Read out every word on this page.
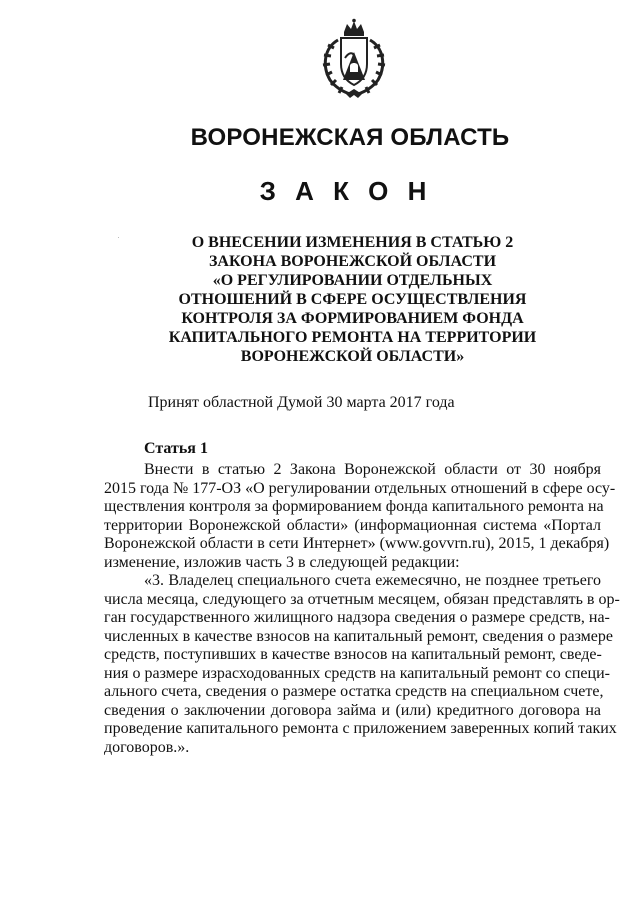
ВОРОНЕЖСКАЯ ОБЛАСТЬ
З А К О Н
О ВНЕСЕНИИ ИЗМЕНЕНИЯ В СТАТЬЮ 2
ЗАКОНА ВОРОНЕЖСКОЙ ОБЛАСТИ
«О РЕГУЛИРОВАНИИ ОТДЕЛЬНЫХ
ОТНОШЕНИЙ В СФЕРЕ ОСУЩЕСТВЛЕНИЯ
КОНТРОЛЯ ЗА ФОРМИРОВАНИЕМ ФОНДА
КАПИТАЛЬНОГО РЕМОНТА НА ТЕРРИТОРИИ
ВОРОНЕЖСКОЙ ОБЛАСТИ»
Принят областной Думой 30 марта 2017 года
Статья 1
Внести в статью 2 Закона Воронежской области от 30 ноября
2015 года № 177-ОЗ «О регулировании отдельных отношений в сфере осу-
ществления контроля за формированием фонда капитального ремонта на
территории Воронежской области» (информационная система «Портал
Воронежской области в сети Интернет» (www.govvrn.ru), 2015, 1 декабря)
изменение, изложив часть 3 в следующей редакции:
«3. Владелец специального счета ежемесячно, не позднее третьего
числа месяца, следующего за отчетным месяцем, обязан представлять в ор-
ган государственного жилищного надзора сведения о размере средств, на-
численных в качестве взносов на капитальный ремонт, сведения о размере
средств, поступивших в качестве взносов на капитальный ремонт, сведе-
ния о размере израсходованных средств на капитальный ремонт со специ-
ального счета, сведения о размере остатка средств на специальном счете,
сведения о заключении договора займа и (или) кредитного договора на
проведение капитального ремонта с приложением заверенных копий таких
договоров.».
